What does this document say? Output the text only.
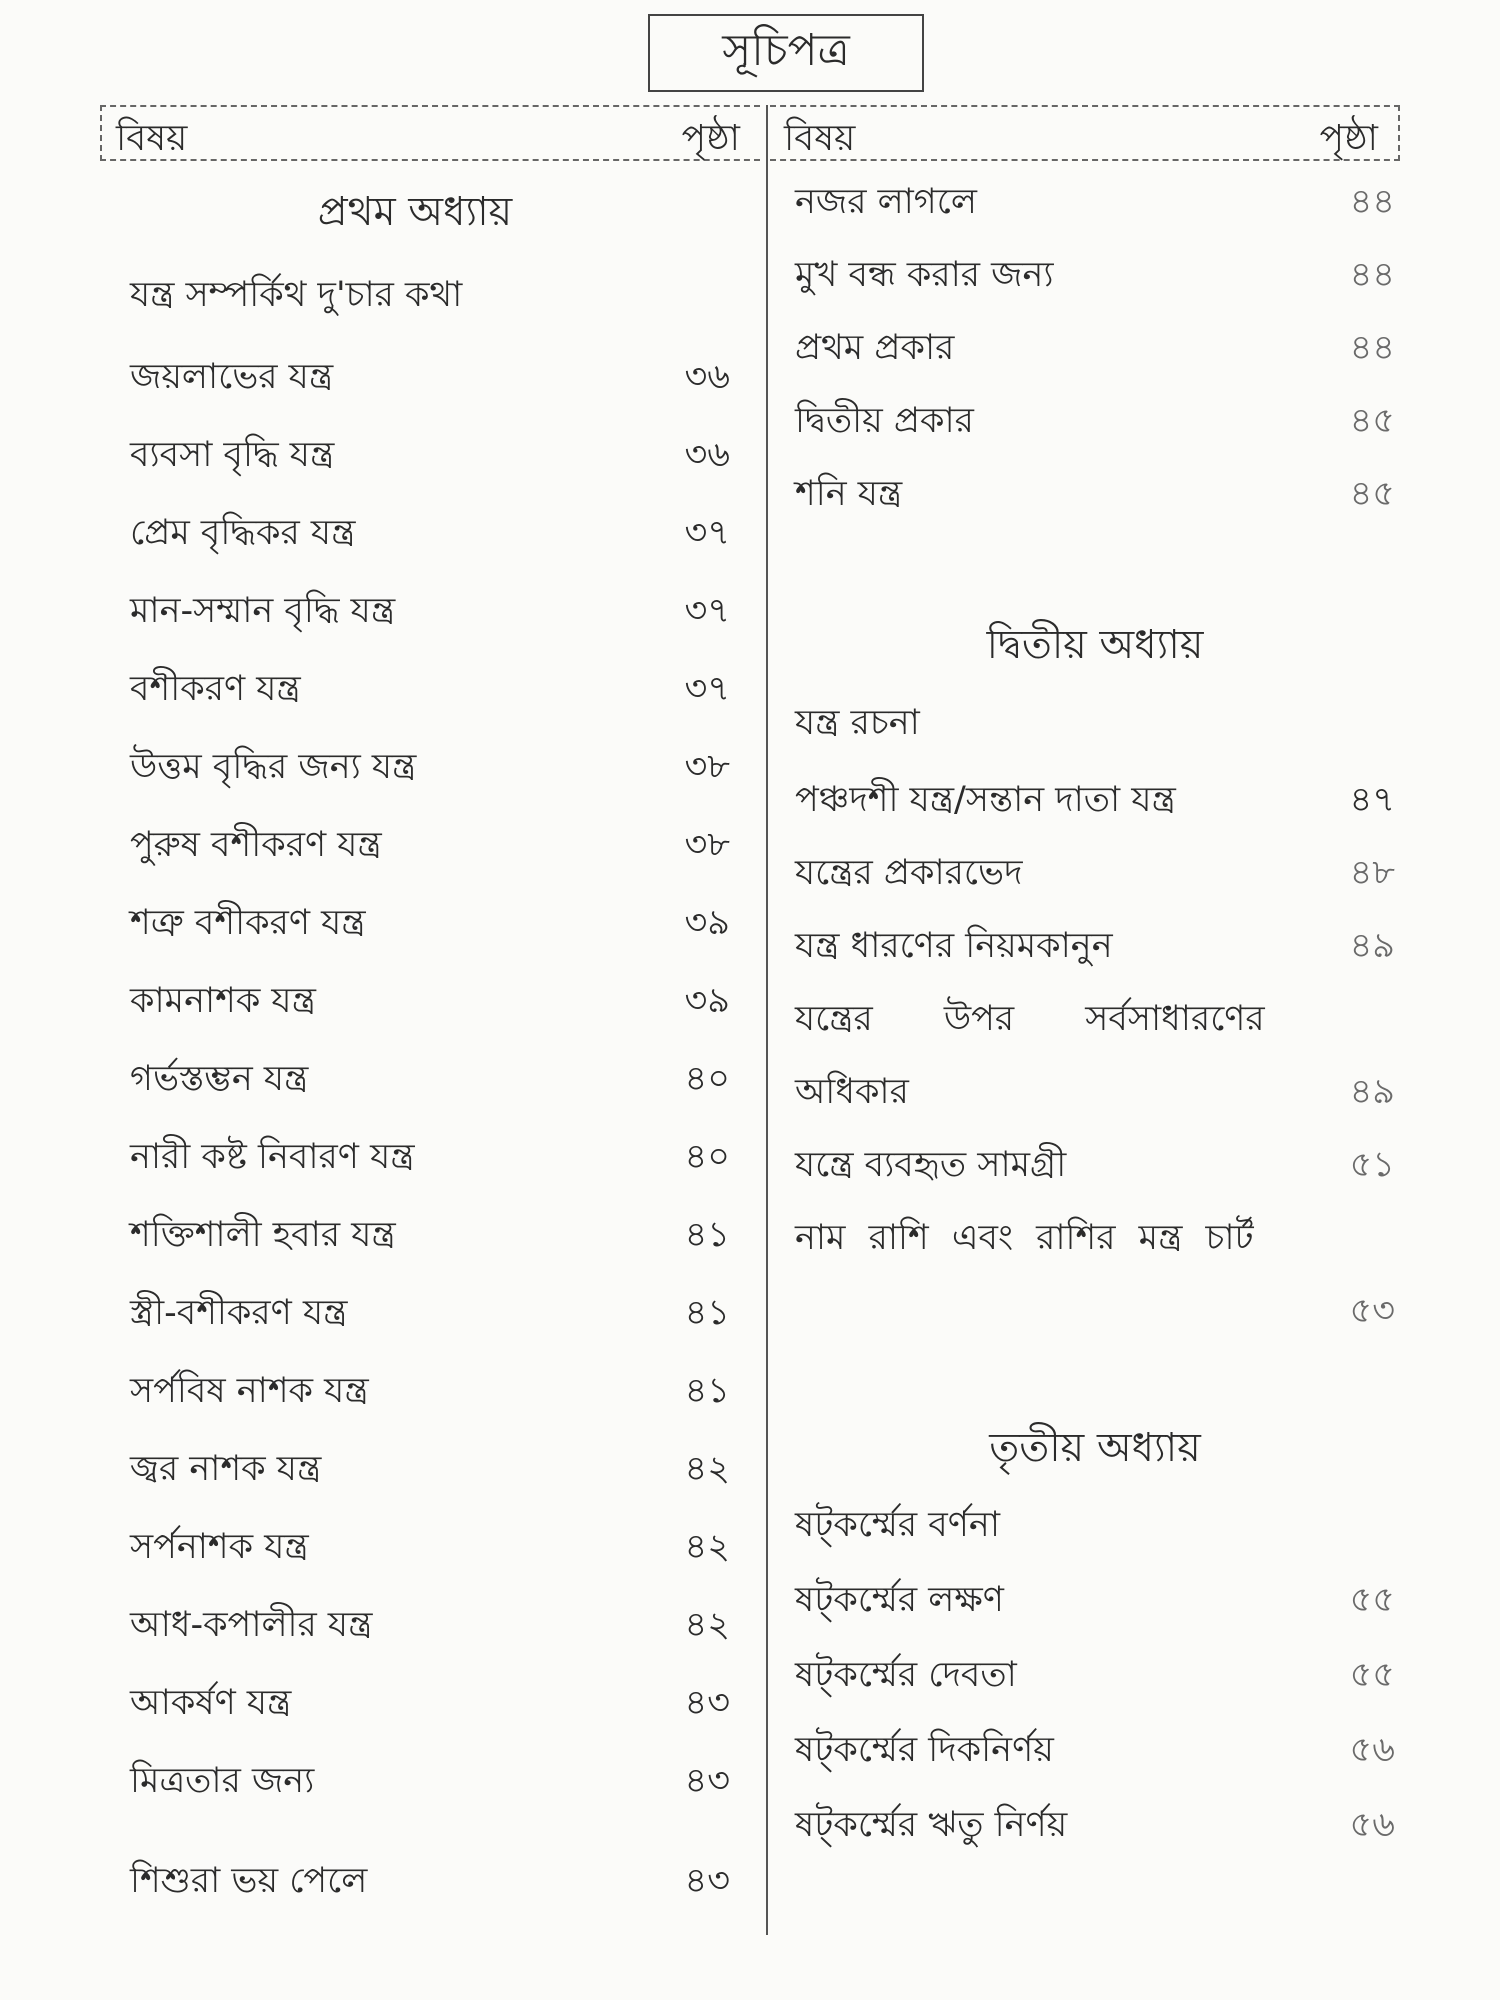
সূচিপত্র
বিষয়	পৃষ্ঠা বিষয়	পৃষ্ঠা
প্রথম অধ্যায়
যন্ত্র সম্পর্কিথ দু'চার কথা
জয়লাভের যন্ত্র	৩৬
ব্যবসা বৃদ্ধি যন্ত্র	৩৬
প্রেম বৃদ্ধিকর যন্ত্র	৩৭
মান-সম্মান বৃদ্ধি যন্ত্র	৩৭
বশীকরণ যন্ত্র	৩৭
উত্তম বৃদ্ধির জন্য যন্ত্র	৩৮
পুরুষ বশীকরণ যন্ত্র	৩৮
শত্রু বশীকরণ যন্ত্র	৩৯
কামনাশক যন্ত্র	৩৯
গর্ভস্তম্ভন যন্ত্র	৪০
নারী কষ্ট নিবারণ যন্ত্র	৪০
শক্তিশালী হবার যন্ত্র	৪১
স্ত্রী-বশীকরণ যন্ত্র	৪১
সর্পবিষ নাশক যন্ত্র	৪১
জ্বর নাশক যন্ত্র	৪২
সর্পনাশক যন্ত্র	৪২
আধ-কপালীর যন্ত্র	৪২
আকর্ষণ যন্ত্র	৪৩
মিত্রতার জন্য	৪৩
শিশুরা ভয় পেলে	৪৩
নজর লাগলে	৪৪
মুখ বন্ধ করার জন্য	৪৪
প্রথম প্রকার	৪৪
দ্বিতীয় প্রকার	৪৫
শনি যন্ত্র	৪৫
দ্বিতীয় অধ্যায়
যন্ত্র রচনা
পঞ্চদশী যন্ত্র/সন্তান দাতা যন্ত্র	৪৭
যন্ত্রের প্রকারভেদ	৪৮
যন্ত্র ধারণের নিয়মকানুন	৪৯
যন্ত্রের উপর সর্বসাধারণের
অধিকার	৪৯
যন্ত্রে ব্যবহৃত সামগ্রী	৫১
নাম রাশি এবং রাশির মন্ত্র চার্ট
৫৩
তৃতীয় অধ্যায়
ষট্‌কর্ম্মের বর্ণনা
ষট্‌কর্ম্মের লক্ষণ	৫৫
ষট্‌কর্ম্মের দেবতা	৫৫
ষট্‌কর্ম্মের দিকনির্ণয়	৫৬
ষট্‌কর্ম্মের ঋতু নির্ণয়	৫৬
